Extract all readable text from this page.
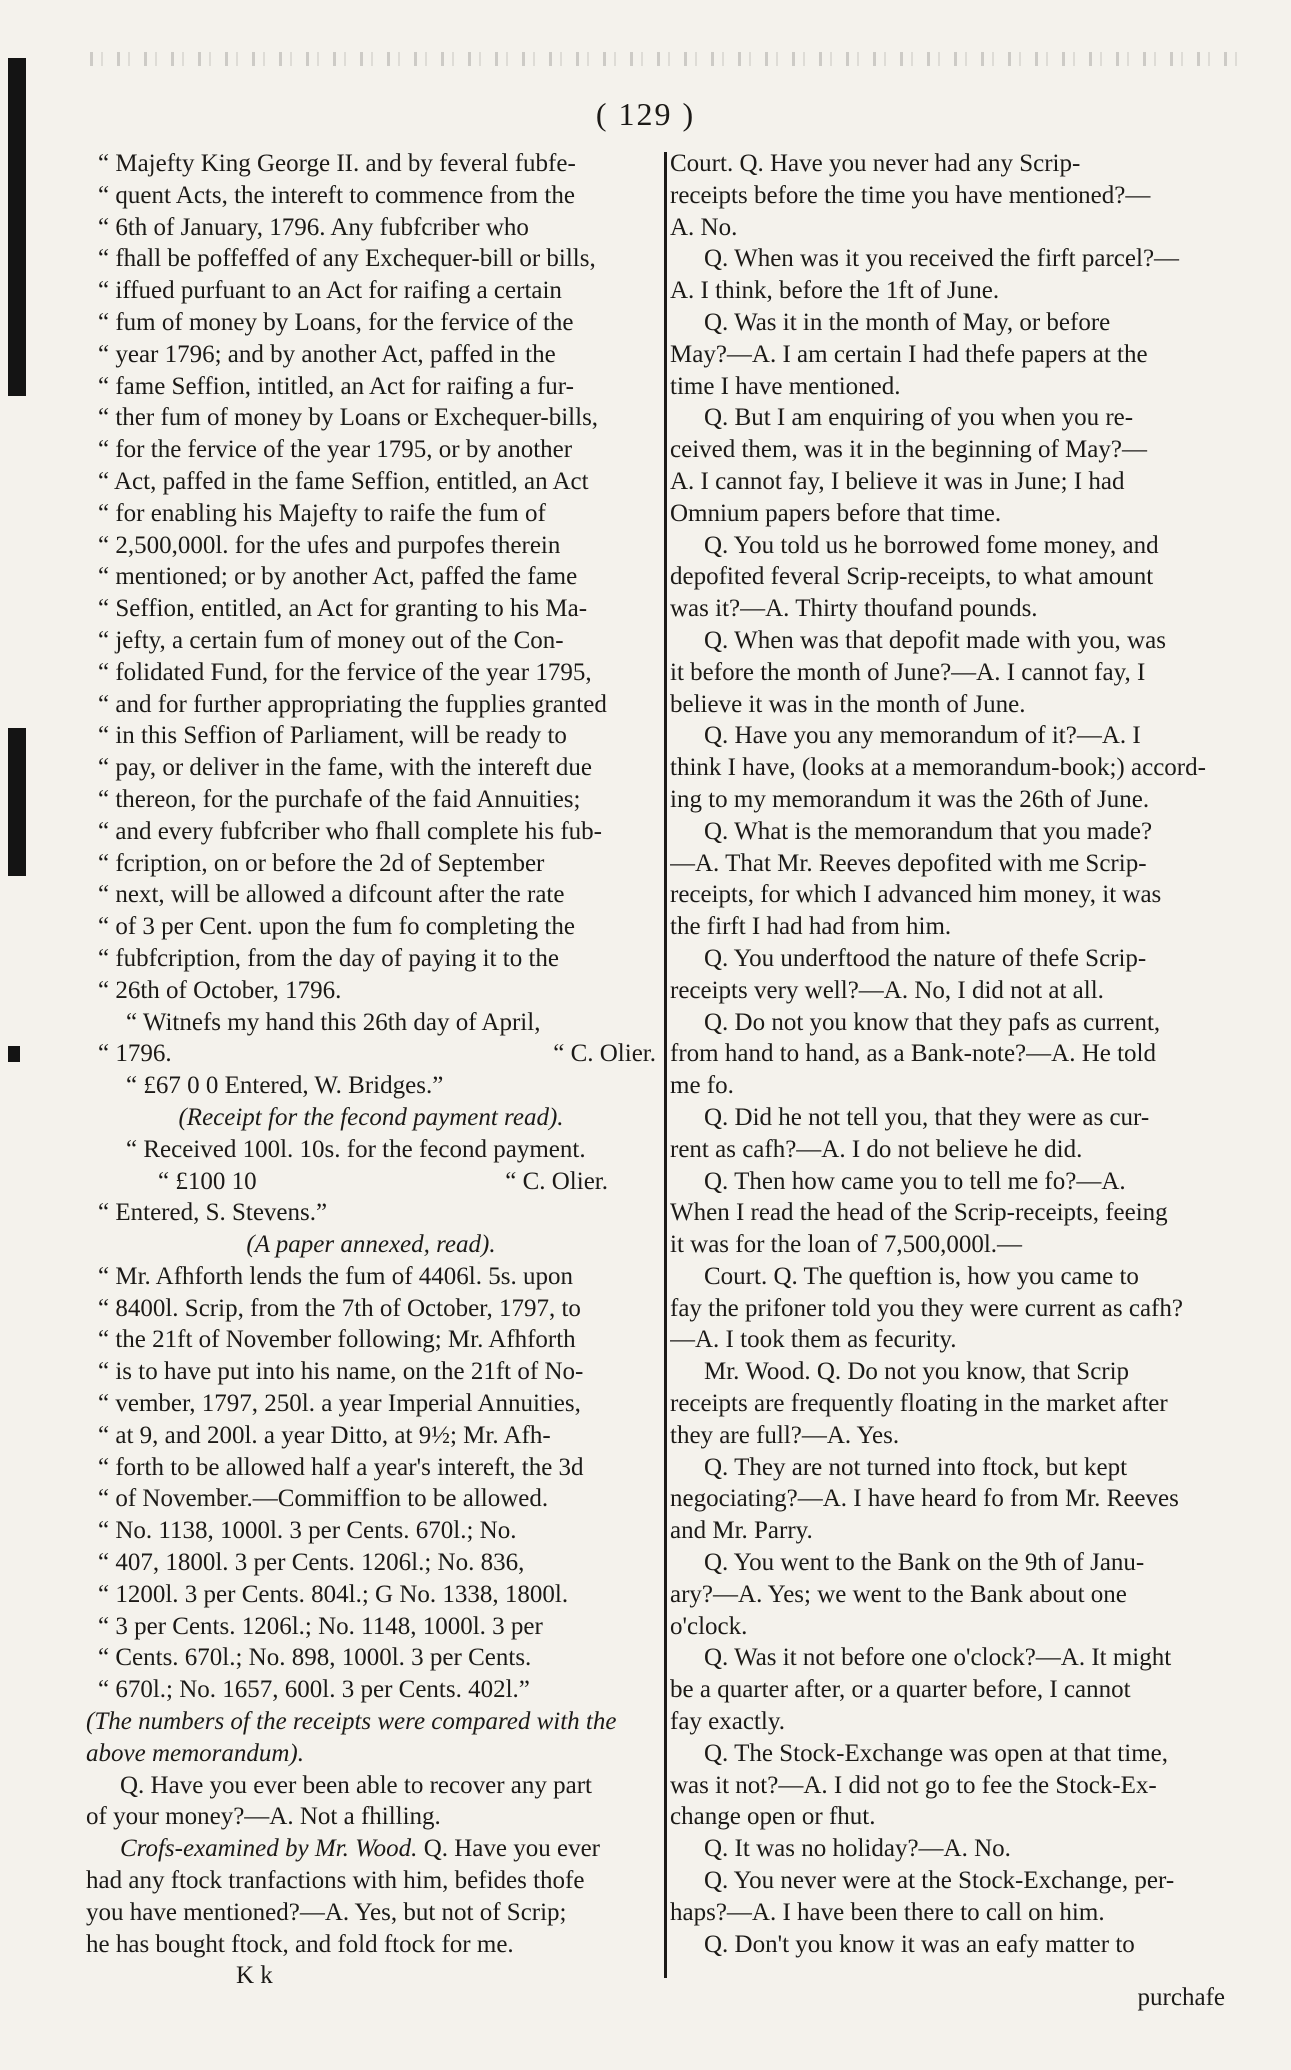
( 129 )
“ Majefty King George II. and by feveral fubfe-
“ quent Acts, the intereft to commence from the
“ 6th of January, 1796. Any fubfcriber who
“ fhall be poffeffed of any Exchequer-bill or bills,
“ iffued purfuant to an Act for raifing a certain
“ fum of money by Loans, for the fervice of the
“ year 1796; and by another Act, paffed in the
“ fame Seffion, intitled, an Act for raifing a fur-
“ ther fum of money by Loans or Exchequer-bills,
“ for the fervice of the year 1795, or by another
“ Act, paffed in the fame Seffion, entitled, an Act
“ for enabling his Majefty to raife the fum of
“ 2,500,000l. for the ufes and purpofes therein
“ mentioned; or by another Act, paffed the fame
“ Seffion, entitled, an Act for granting to his Ma-
“ jefty, a certain fum of money out of the Con-
“ folidated Fund, for the fervice of the year 1795,
“ and for further appropriating the fupplies granted
“ in this Seffion of Parliament, will be ready to
“ pay, or deliver in the fame, with the intereft due
“ thereon, for the purchafe of the faid Annuities;
“ and every fubfcriber who fhall complete his fub-
“ fcription, on or before the 2d of September
“ next, will be allowed a difcount after the rate
“ of 3 per Cent. upon the fum fo completing the
“ fubfcription, from the day of paying it to the
“ 26th of October, 1796.
“ Witnefs my hand this 26th day of April,
“ 1796.	“ C. Olier.
“ £67 0 0 Entered, W. Bridges.”
(Receipt for the fecond payment read).
“ Received 100l. 10s. for the fecond payment.
“ £100 10	“ C. Olier.
“ Entered, S. Stevens.”
(A paper annexed, read).
“ Mr. Afhforth lends the fum of 4406l. 5s. upon
“ 8400l. Scrip, from the 7th of October, 1797, to
“ the 21ft of November following; Mr. Afhforth
“ is to have put into his name, on the 21ft of No-
“ vember, 1797, 250l. a year Imperial Annuities,
“ at 9, and 200l. a year Ditto, at 9½; Mr. Afh-
“ forth to be allowed half a year's intereft, the 3d
“ of November.—Commiffion to be allowed.
“ No. 1138, 1000l. 3 per Cents. 670l.; No.
“ 407, 1800l. 3 per Cents. 1206l.; No. 836,
“ 1200l. 3 per Cents. 804l.; G No. 1338, 1800l.
“ 3 per Cents. 1206l.; No. 1148, 1000l. 3 per
“ Cents. 670l.; No. 898, 1000l. 3 per Cents.
“ 670l.; No. 1657, 600l. 3 per Cents. 402l.”
(The numbers of the receipts were compared with the
above memorandum).
Q. Have you ever been able to recover any part
of your money?—A. Not a fhilling.
Crofs-examined by Mr. Wood. Q. Have you ever
had any ftock tranfactions with him, befides thofe
you have mentioned?—A. Yes, but not of Scrip;
he has bought ftock, and fold ftock for me.
K k
Court. Q. Have you never had any Scrip-
receipts before the time you have mentioned?—
A. No.
Q. When was it you received the firft parcel?—
A. I think, before the 1ft of June.
Q. Was it in the month of May, or before
May?—A. I am certain I had thefe papers at the
time I have mentioned.
Q. But I am enquiring of you when you re-
ceived them, was it in the beginning of May?—
A. I cannot fay, I believe it was in June; I had
Omnium papers before that time.
Q. You told us he borrowed fome money, and
depofited feveral Scrip-receipts, to what amount
was it?—A. Thirty thoufand pounds.
Q. When was that depofit made with you, was
it before the month of June?—A. I cannot fay, I
believe it was in the month of June.
Q. Have you any memorandum of it?—A. I
think I have, (looks at a memorandum-book;) accord-
ing to my memorandum it was the 26th of June.
Q. What is the memorandum that you made?
—A. That Mr. Reeves depofited with me Scrip-
receipts, for which I advanced him money, it was
the firft I had had from him.
Q. You underftood the nature of thefe Scrip-
receipts very well?—A. No, I did not at all.
Q. Do not you know that they pafs as current,
from hand to hand, as a Bank-note?—A. He told
me fo.
Q. Did he not tell you, that they were as cur-
rent as cafh?—A. I do not believe he did.
Q. Then how came you to tell me fo?—A.
When I read the head of the Scrip-receipts, feeing
it was for the loan of 7,500,000l.—
Court. Q. The queftion is, how you came to
fay the prifoner told you they were current as cafh?
—A. I took them as fecurity.
Mr. Wood. Q. Do not you know, that Scrip
receipts are frequently floating in the market after
they are full?—A. Yes.
Q. They are not turned into ftock, but kept
negociating?—A. I have heard fo from Mr. Reeves
and Mr. Parry.
Q. You went to the Bank on the 9th of Janu-
ary?—A. Yes; we went to the Bank about one
o'clock.
Q. Was it not before one o'clock?—A. It might
be a quarter after, or a quarter before, I cannot
fay exactly.
Q. The Stock-Exchange was open at that time,
was it not?—A. I did not go to fee the Stock-Ex-
change open or fhut.
Q. It was no holiday?—A. No.
Q. You never were at the Stock-Exchange, per-
haps?—A. I have been there to call on him.
Q. Don't you know it was an eafy matter to
purchafe
